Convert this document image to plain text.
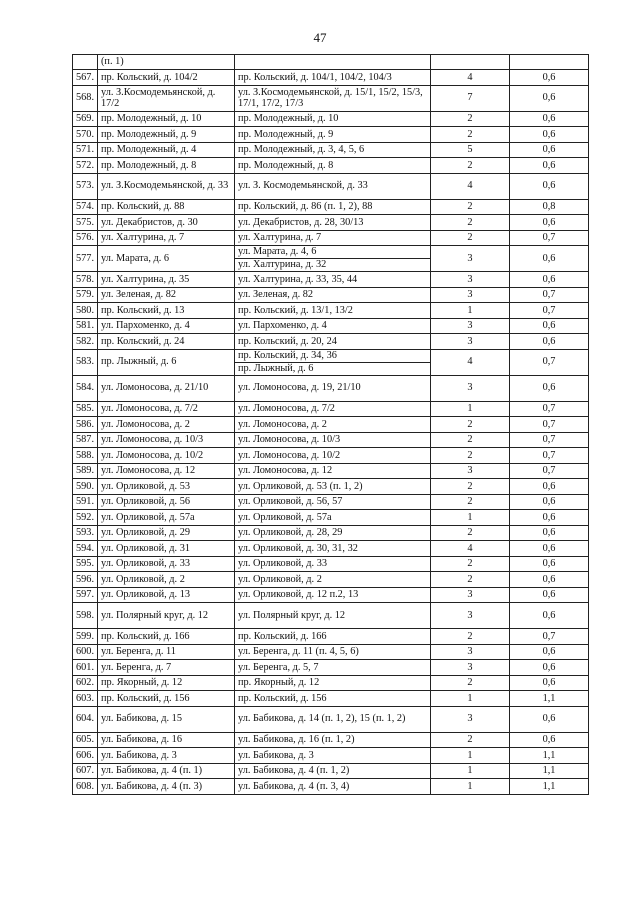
47
	(п. 1)			
567.	пр. Кольский, д. 104/2	пр. Кольский, д. 104/1, 104/2, 104/3	4	0,6
568.	ул. З.Космодемьянской, д. 17/2	ул. З.Космодемьянской, д. 15/1, 15/2, 15/3, 17/1, 17/2, 17/3	7	0,6
569.	пр. Молодежный, д. 10	пр. Молодежный, д. 10	2	0,6
570.	пр. Молодежный, д. 9	пр. Молодежный, д. 9	2	0,6
571.	пр. Молодежный, д. 4	пр. Молодежный, д. 3, 4, 5, 6	5	0,6
572.	пр. Молодежный, д. 8	пр. Молодежный, д. 8	2	0,6
573.	ул. З.Космодемьянской, д. 33	ул. З. Космодемьянской, д. 33	4	0,6
574.	пр. Кольский, д. 88	пр. Кольский, д. 86 (п. 1, 2), 88	2	0,8
575.	ул. Декабристов, д. 30	ул. Декабристов, д. 28, 30/13	2	0,6
576.	ул. Халтурина, д. 7	ул. Халтурина, д. 7	2	0,7
577.	ул. Марата, д. 6	ул. Марата, д. 4, 6	3	0,6
		ул. Халтурина, д. 32		
578.	ул. Халтурина, д. 35	ул. Халтурина, д. 33, 35, 44	3	0,6
579.	ул. Зеленая, д. 82	ул. Зеленая, д. 82	3	0,7
580.	пр. Кольский, д. 13	пр. Кольский, д. 13/1, 13/2	1	0,7
581.	ул. Пархоменко, д. 4	ул. Пархоменко, д. 4	3	0,6
582.	пр. Кольский, д. 24	пр. Кольский, д. 20, 24	3	0,6
583.	пр. Лыжный, д. 6	пр. Кольский, д. 34, 36	4	0,7
		пр. Лыжный, д. 6		
584.	ул. Ломоносова, д. 21/10	ул. Ломоносова, д. 19, 21/10	3	0,6
585.	ул. Ломоносова, д. 7/2	ул. Ломоносова, д. 7/2	1	0,7
586.	ул. Ломоносова, д. 2	ул. Ломоносова, д. 2	2	0,7
587.	ул. Ломоносова, д. 10/3	ул. Ломоносова, д. 10/3	2	0,7
588.	ул. Ломоносова, д. 10/2	ул. Ломоносова, д. 10/2	2	0,7
589.	ул. Ломоносова, д. 12	ул. Ломоносова, д. 12	3	0,7
590.	ул. Орликовой, д. 53	ул. Орликовой, д. 53 (п. 1, 2)	2	0,6
591.	ул. Орликовой, д. 56	ул. Орликовой, д. 56, 57	2	0,6
592.	ул. Орликовой, д. 57а	ул. Орликовой, д. 57а	1	0,6
593.	ул. Орликовой, д. 29	ул. Орликовой, д. 28, 29	2	0,6
594.	ул. Орликовой, д. 31	ул. Орликовой, д. 30, 31, 32	4	0,6
595.	ул. Орликовой, д. 33	ул. Орликовой, д. 33	2	0,6
596.	ул. Орликовой, д. 2	ул. Орликовой, д. 2	2	0,6
597.	ул. Орликовой, д. 13	ул. Орликовой, д. 12 п.2, 13	3	0,6
598.	ул. Полярный круг, д. 12	ул. Полярный круг, д. 12	3	0,6
599.	пр. Кольский, д. 166	пр. Кольский, д. 166	2	0,7
600.	ул. Беренга, д. 11	ул. Беренга, д. 11 (п. 4, 5, 6)	3	0,6
601.	ул. Беренга, д. 7	ул. Беренга, д. 5, 7	3	0,6
602.	пр. Якорный, д. 12	пр. Якорный, д. 12	2	0,6
603.	пр. Кольский, д. 156	пр. Кольский, д. 156	1	1,1
604.	ул. Бабикова, д. 15	ул. Бабикова, д. 14 (п. 1, 2), 15 (п. 1, 2)	3	0,6
605.	ул. Бабикова, д. 16	ул. Бабикова, д. 16 (п. 1, 2)	2	0,6
606.	ул. Бабикова, д. 3	ул. Бабикова, д. 3	1	1,1
607.	ул. Бабикова, д. 4 (п. 1)	ул. Бабикова, д. 4 (п. 1, 2)	1	1,1
608.	ул. Бабикова, д. 4 (п. 3)	ул. Бабикова, д. 4 (п. 3, 4)	1	1,1
